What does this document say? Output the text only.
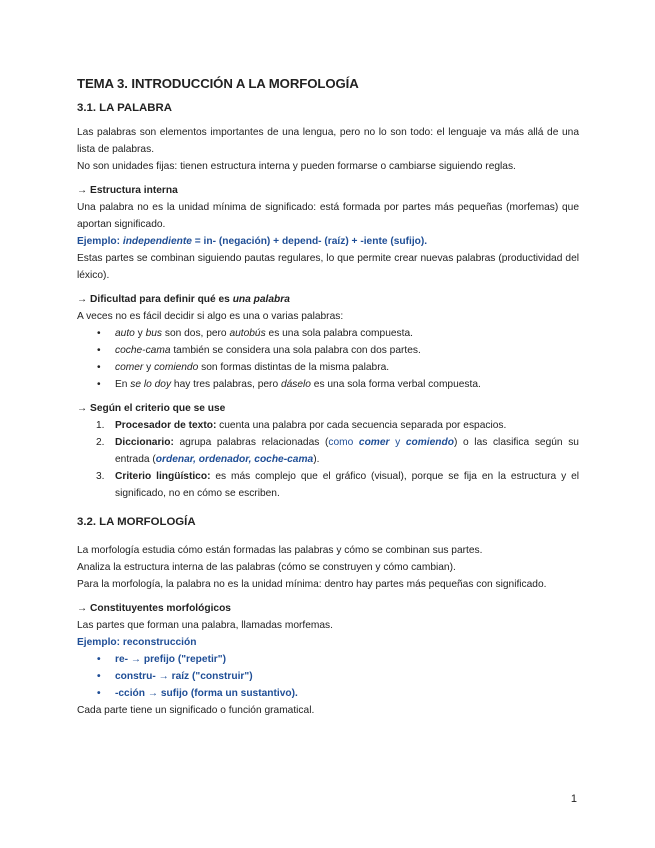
TEMA 3. INTRODUCCIÓN A LA MORFOLOGÍA
3.1. LA PALABRA

Las palabras son elementos importantes de una lengua, pero no lo son todo: el lenguaje va más allá de una lista de palabras.

No son unidades fijas: tienen estructura interna y pueden formarse o cambiarse siguiendo reglas.

→ Estructura interna

Una palabra no es la unidad mínima de significado: está formada por partes más pequeñas (morfemas) que aportan significado.

Ejemplo: independiente = in- (negación) + depend- (raíz) + -iente (sufijo).

Estas partes se combinan siguiendo pautas regulares, lo que permite crear nuevas palabras (productividad del léxico).

→ Dificultad para definir qué es una palabra

A veces no es fácil decidir si algo es una o varias palabras:

• auto y bus son dos, pero autobús es una sola palabra compuesta.
• coche-cama también se considera una sola palabra con dos partes.
• comer y comiendo son formas distintas de la misma palabra.
• En se lo doy hay tres palabras, pero dáselo es una sola forma verbal compuesta.

→ Según el criterio que se use

1. Procesador de texto: cuenta una palabra por cada secuencia separada por espacios.
2. Diccionario: agrupa palabras relacionadas (como comer y comiendo) o las clasifica según su entrada (ordenar, ordenador, coche-cama).
3. Criterio lingüístico: es más complejo que el gráfico (visual), porque se fija en la estructura y el significado, no en cómo se escriben.
3.2. LA MORFOLOGÍA

La morfología estudia cómo están formadas las palabras y cómo se combinan sus partes.

Analiza la estructura interna de las palabras (cómo se construyen y cómo cambian).

Para la morfología, la palabra no es la unidad mínima: dentro hay partes más pequeñas con significado.

→ Constituyentes morfológicos

Las partes que forman una palabra, llamadas morfemas.

Ejemplo: reconstrucción

• re- → prefijo ("repetir")
• constru- → raíz ("construir")
• -cción → sufijo (forma un sustantivo).

Cada parte tiene un significado o función gramatical.

1
